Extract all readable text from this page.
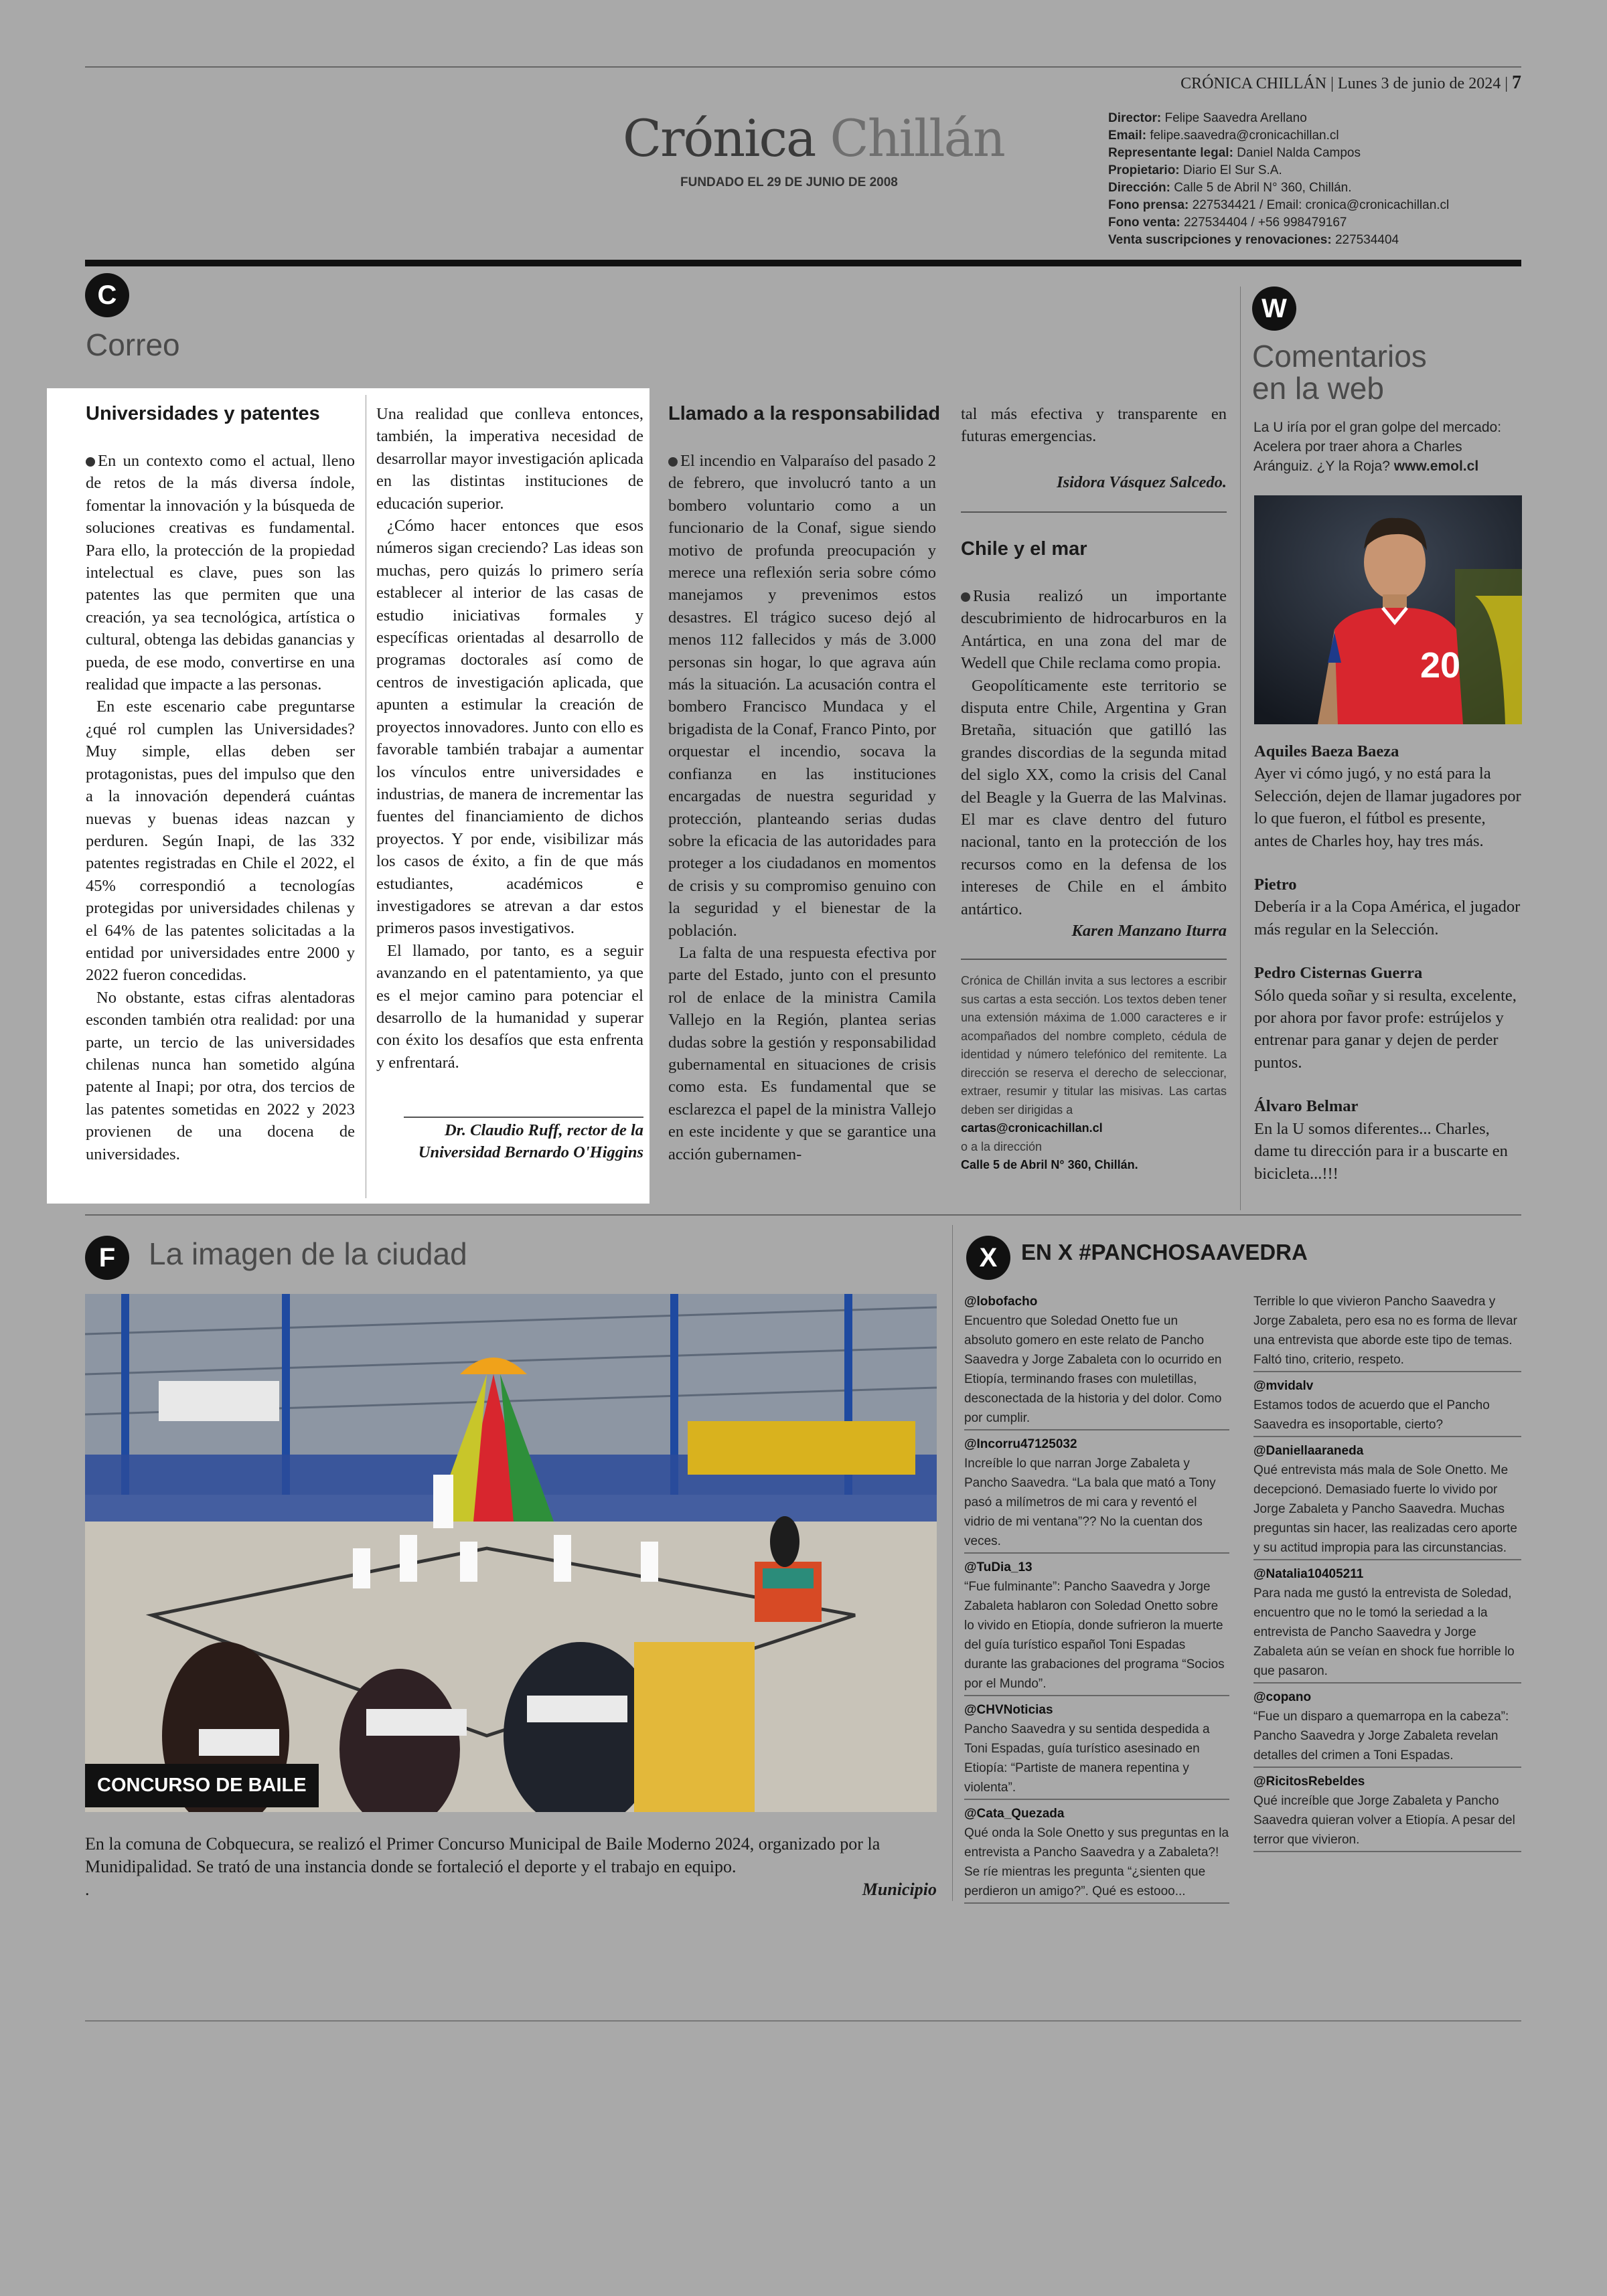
CRÓNICA CHILLÁN | Lunes 3 de junio de 2024 | 7
Crónica Chillán
FUNDADO EL 29 DE JUNIO DE 2008
Director: Felipe Saavedra Arellano
Email: felipe.saavedra@cronicachillan.cl
Representante legal: Daniel Nalda Campos
Propietario: Diario El Sur S.A.
Dirección: Calle 5 de Abril N° 360, Chillán.
Fono prensa: 227534421 / Email: cronica@cronicachillan.cl
Fono venta: 227534404 / +56 998479167
Venta suscripciones y renovaciones: 227534404
C
Correo
Universidades y patentes

En un contexto como el actual, lleno de retos de la más diversa índole, fomentar la innovación y la búsqueda de soluciones creativas es fundamental. Para ello, la protección de la propiedad intelectual es clave, pues son las patentes las que permiten que una creación, ya sea tecnológica, artística o cultural, obtenga las debidas ganancias y pueda, de ese modo, convertirse en una realidad que impacte a las personas.

En este escenario cabe preguntarse ¿qué rol cumplen las Universidades? Muy simple, ellas deben ser protagonistas, pues del impulso que den a la innovación dependerá cuántas nuevas y buenas ideas nazcan y perduren. Según Inapi, de las 332 patentes registradas en Chile el 2022, el 45% correspondió a tecnologías protegidas por universidades chilenas y el 64% de las patentes solicitadas a la entidad por universidades entre 2000 y 2022 fueron concedidas.

No obstante, estas cifras alentadoras esconden también otra realidad: por una parte, un tercio de las universidades chilenas nunca han sometido algúna patente al Inapi; por otra, dos tercios de las patentes sometidas en 2022 y 2023 provienen de una docena de universidades.

Una realidad que conlleva entonces, también, la imperativa necesidad de desarrollar mayor investigación aplicada en las distintas instituciones de educación superior.

¿Cómo hacer entonces que esos números sigan creciendo? Las ideas son muchas, pero quizás lo primero sería establecer al interior de las casas de estudio iniciativas formales y específicas orientadas al desarrollo de programas doctorales así como de centros de investigación aplicada, que apunten a estimular la creación de proyectos innovadores. Junto con ello es favorable también trabajar a aumentar los vínculos entre universidades e industrias, de manera de incrementar las fuentes del financiamiento de dichos proyectos. Y por ende, visibilizar más los casos de éxito, a fin de que más estudiantes, académicos e investigadores se atrevan a dar estos primeros pasos investigativos.

El llamado, por tanto, es a seguir avanzando en el patentamiento, ya que es el mejor camino para potenciar el desarrollo de la humanidad y superar con éxito los desafíos que esta enfrenta y enfrentará.

Dr. Claudio Ruff, rector de la Universidad Bernardo O'Higgins
Llamado a la responsabilidad

El incendio en Valparaíso del pasado 2 de febrero, que involucró tanto a un bombero voluntario como a un funcionario de la Conaf, sigue siendo motivo de profunda preocupación y merece una reflexión seria sobre cómo manejamos y prevenimos estos desastres. El trágico suceso dejó al menos 112 fallecidos y más de 3.000 personas sin hogar, lo que agrava aún más la situación. La acusación contra el bombero Francisco Mundaca y el brigadista de la Conaf, Franco Pinto, por orquestar el incendio, socava la confianza en las instituciones encargadas de nuestra seguridad y protección, planteando serias dudas sobre la eficacia de las autoridades para proteger a los ciudadanos en momentos de crisis y su compromiso genuino con la seguridad y el bienestar de la población.

La falta de una respuesta efectiva por parte del Estado, junto con el presunto rol de enlace de la ministra Camila Vallejo en la Región, plantea serias dudas sobre la gestión y responsabilidad gubernamental en situaciones de crisis como esta. Es fundamental que se esclarezca el papel de la ministra Vallejo en este incidente y que se garantice una acción gubernamen-

tal más efectiva y transparente en futuras emergencias.
Isidora Vásquez Salcedo.
Chile y el mar

Rusia realizó un importante descubrimiento de hidrocarburos en la Antártica, en una zona del mar de Wedell que Chile reclama como propia.

Geopolíticamente este territorio se disputa entre Chile, Argentina y Gran Bretaña, situación que gatilló las grandes discordias de la segunda mitad del siglo XX, como la crisis del Canal del Beagle y la Guerra de las Malvinas. El mar es clave dentro del futuro nacional, tanto en la protección de los recursos como en la defensa de los intereses de Chile en el ámbito antártico.

Karen Manzano Iturra
Crónica de Chillán invita a sus lectores a escribir sus cartas a esta sección. Los textos deben tener una extensión máxima de 1.000 caracteres e ir acompañados del nombre completo, cédula de identidad y número telefónico del remitente. La dirección se reserva el derecho de seleccionar, extraer, resumir y titular las misivas. Las cartas deben ser dirigidas a
cartas@cronicachillan.cl
o a la dirección
Calle 5 de Abril N° 360, Chillán.
W
Comentarios
en la web
La U iría por el gran golpe del mercado: Acelera por traer ahora a Charles Aránguiz. ¿Y la Roja? www.emol.cl
20
Aquiles Baeza Baeza
Ayer vi cómo jugó, y no está para la Selección, dejen de llamar jugadores por lo que fueron, el fútbol es presente, antes de Charles hoy, hay tres más.
Pietro
Debería ir a la Copa América, el jugador más regular en la Selección.
Pedro Cisternas Guerra
Sólo queda soñar y si resulta, excelente, por ahora por favor profe: estrújelos y entrenar para ganar y dejen de perder puntos.
Álvaro Belmar
En la U somos diferentes... Charles, dame tu dirección para ir a buscarte en bicicleta...!!!
F	La imagen de la ciudad
CONCURSO DE BAILE
En la comuna de Cobquecura, se realizó el Primer Concurso Municipal de Baile Moderno 2024, organizado por la Munidipalidad. Se trató de una instancia donde se fortaleció el deporte y el trabajo en equipo.
.	Municipio
X	EN X #PANCHOSAAVEDRA
@lobofacho
Encuentro que Soledad Onetto fue un absoluto gomero en este relato de Pancho Saavedra y Jorge Zabaleta con lo ocurrido en Etiopía, terminando frases con muletillas, desconectada de la historia y del dolor. Como por cumplir.
@Incorru47125032
Increíble lo que narran Jorge Zabaleta y Pancho Saavedra. “La bala que mató a Tony pasó a milímetros de mi cara y reventó el vidrio de mi ventana”?? No la cuentan dos veces.
@TuDia_13
“Fue fulminante”: Pancho Saavedra y Jorge Zabaleta hablaron con Soledad Onetto sobre lo vivido en Etiopía, donde sufrieron la muerte del guía turístico español Toni Espadas durante las grabaciones del programa “Socios por el Mundo”.
@CHVNoticias
Pancho Saavedra y su sentida despedida a Toni Espadas, guía turístico asesinado en Etiopía: “Partiste de manera repentina y violenta”.
@Cata_Quezada
Qué onda la Sole Onetto y sus preguntas en la entrevista a Pancho Saavedra y a Zabaleta?! Se ríe mientras les pregunta “¿sienten que perdieron un amigo?”. Qué es estooo...
Terrible lo que vivieron Pancho Saavedra y Jorge Zabaleta, pero esa no es forma de llevar una entrevista que aborde este tipo de temas. Faltó tino, criterio, respeto.
@mvidalv
Estamos todos de acuerdo que el Pancho Saavedra es insoportable, cierto?
@Daniellaaraneda
Qué entrevista más mala de Sole Onetto. Me decepcionó. Demasiado fuerte lo vivido por Jorge Zabaleta y Pancho Saavedra. Muchas preguntas sin hacer, las realizadas cero aporte y su actitud impropia para las circunstancias.
@Natalia10405211
Para nada me gustó la entrevista de Soledad, encuentro que no le tomó la seriedad a la entrevista de Pancho Saavedra y Jorge Zabaleta aún se veían en shock fue horrible lo que pasaron.
@copano
“Fue un disparo a quemarropa en la cabeza”: Pancho Saavedra y Jorge Zabaleta revelan detalles del crimen a Toni Espadas.
@RicitosRebeldes
Qué increíble que Jorge Zabaleta y Pancho Saavedra quieran volver a Etiopía. A pesar del terror que vivieron.
